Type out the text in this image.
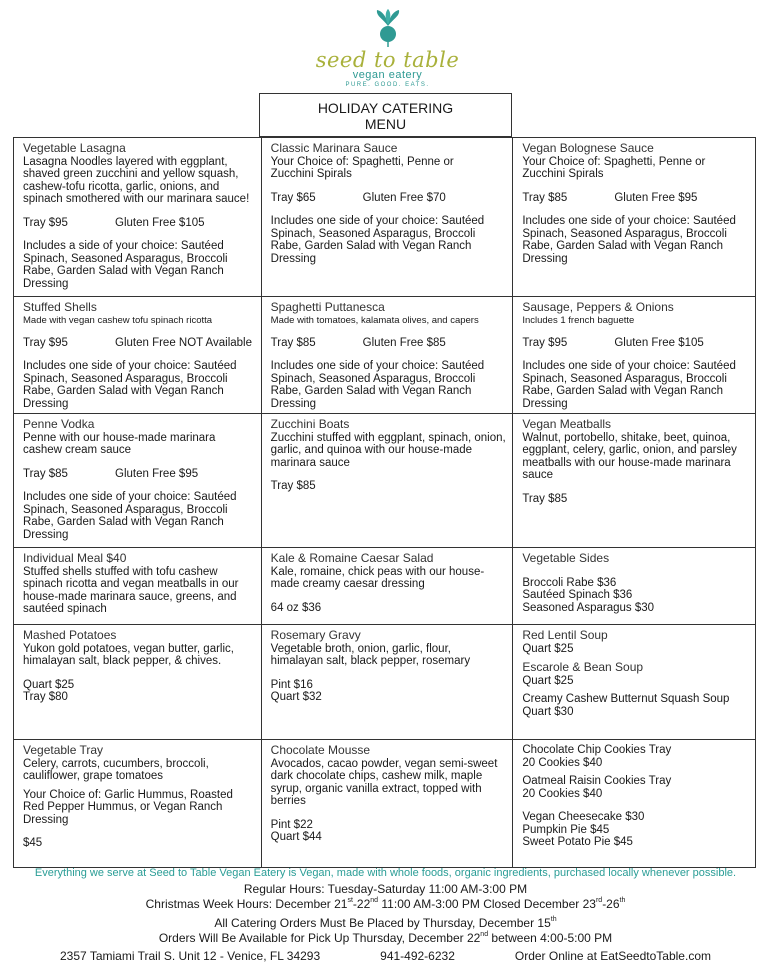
seed to table
vegan eatery
PURE. GOOD. EATS.
HOLIDAY CATERING
MENU
Vegetable Lasagna
Lasagna Noodles layered with eggplant, shaved green zucchini and yellow squash, cashew-tofu ricotta, garlic, onions, and spinach smothered with our marinara sauce!
Tray $95	Gluten Free $105
Includes a side of your choice: Sautéed Spinach, Seasoned Asparagus, Broccoli Rabe, Garden Salad with Vegan Ranch Dressing
Classic Marinara Sauce
Your Choice of: Spaghetti, Penne or Zucchini Spirals
Tray $65	Gluten Free $70
Includes one side of your choice: Sautéed Spinach, Seasoned Asparagus, Broccoli Rabe, Garden Salad with Vegan Ranch Dressing
Vegan Bolognese Sauce
Your Choice of: Spaghetti, Penne or Zucchini Spirals
Tray $85	Gluten Free $95
Includes one side of your choice: Sautéed Spinach, Seasoned Asparagus, Broccoli Rabe, Garden Salad with Vegan Ranch Dressing
Stuffed Shells
Made with vegan cashew tofu spinach ricotta
Tray $95	Gluten Free NOT Available
Includes one side of your choice: Sautéed Spinach, Seasoned Asparagus, Broccoli Rabe, Garden Salad with Vegan Ranch Dressing
Spaghetti Puttanesca
Made with tomatoes, kalamata olives, and capers
Tray $85	Gluten Free $85
Includes one side of your choice: Sautéed Spinach, Seasoned Asparagus, Broccoli Rabe, Garden Salad with Vegan Ranch Dressing
Sausage, Peppers & Onions
Includes 1 french baguette
Tray $95	Gluten Free $105
Includes one side of your choice: Sautéed Spinach, Seasoned Asparagus, Broccoli Rabe, Garden Salad with Vegan Ranch Dressing
Penne Vodka
Penne with our house-made marinara cashew cream sauce
Tray $85	Gluten Free $95
Includes one side of your choice: Sautéed Spinach, Seasoned Asparagus, Broccoli Rabe, Garden Salad with Vegan Ranch Dressing
Zucchini Boats
Zucchini stuffed with eggplant, spinach, onion, garlic, and quinoa with our house-made marinara sauce
Tray $85
Vegan Meatballs
Walnut, portobello, shitake, beet, quinoa, eggplant, celery, garlic, onion, and parsley meatballs with our house-made marinara sauce
Tray $85
Individual Meal $40
Stuffed shells stuffed with tofu cashew spinach ricotta and vegan meatballs in our house-made marinara sauce, greens, and sautéed spinach
Kale & Romaine Caesar Salad
Kale, romaine, chick peas with our house-made creamy caesar dressing
64 oz $36
Vegetable Sides
Broccoli Rabe $36
Sautéed Spinach $36
Seasoned Asparagus $30
Mashed Potatoes
Yukon gold potatoes, vegan butter, garlic, himalayan salt, black pepper, & chives.
Quart $25
Tray $80
Rosemary Gravy
Vegetable broth, onion, garlic, flour, himalayan salt, black pepper, rosemary
Pint $16
Quart $32
Red Lentil Soup
Quart $25
Escarole & Bean Soup
Quart $25
Creamy Cashew Butternut Squash Soup
Quart $30
Vegetable Tray
Celery, carrots, cucumbers, broccoli, cauliflower, grape tomatoes
Your Choice of: Garlic Hummus, Roasted Red Pepper Hummus, or Vegan Ranch Dressing
$45
Chocolate Mousse
Avocados, cacao powder, vegan semi-sweet dark chocolate chips, cashew milk, maple syrup, organic vanilla extract, topped with berries
Pint $22
Quart $44
Chocolate Chip Cookies Tray
20 Cookies $40
Oatmeal Raisin Cookies Tray
20 Cookies $40
Vegan Cheesecake $30
Pumpkin Pie $45
Sweet Potato Pie $45
Everything we serve at Seed to Table Vegan Eatery is Vegan, made with whole foods, organic ingredients, purchased locally whenever possible.
Regular Hours: Tuesday-Saturday 11:00 AM-3:00 PM
Christmas Week Hours: December 21st-22nd 11:00 AM-3:00 PM Closed December 23rd-26th
All Catering Orders Must Be Placed by Thursday, December 15th
Orders Will Be Available for Pick Up Thursday, December 22nd between 4:00-5:00 PM
2357 Tamiami Trail S. Unit 12 - Venice, FL 34293	941-492-6232	Order Online at EatSeedtoTable.com
